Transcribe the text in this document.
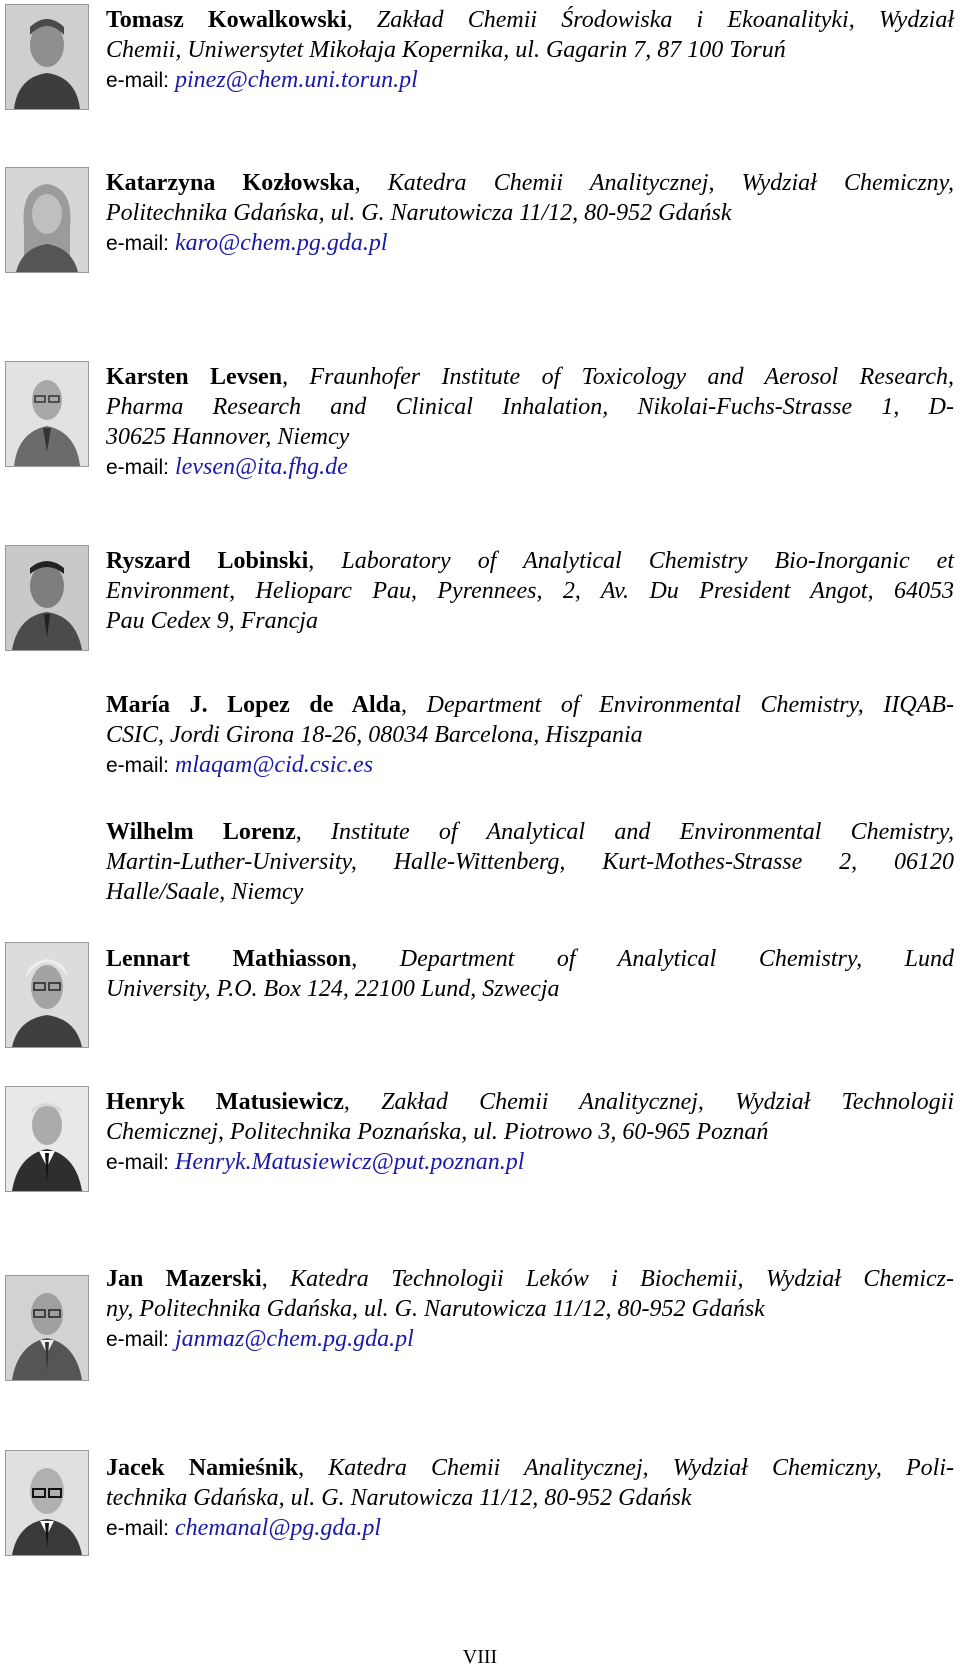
Tomasz Kowalkowski, Zakład Chemii Środowiska i Ekoanalityki, Wydział
Chemii, Uniwersytet Mikołaja Kopernika, ul. Gagarin 7, 87 100 Toruń
e-mail: pinez@chem.uni.torun.pl
Katarzyna Kozłowska, Katedra Chemii Analitycznej, Wydział Chemiczny,
Politechnika Gdańska, ul. G. Narutowicza 11/12, 80-952 Gdańsk
e-mail: karo@chem.pg.gda.pl
Karsten Levsen, Fraunhofer Institute of Toxicology and Aerosol Research,
Pharma Research and Clinical Inhalation, Nikolai-Fuchs-Strasse 1, D-
30625 Hannover, Niemcy
e-mail: levsen@ita.fhg.de
Ryszard Lobinski, Laboratory of Analytical Chemistry Bio-Inorganic et
Environment, Helioparc Pau, Pyrennees, 2, Av. Du President Angot, 64053
Pau Cedex 9, Francja
María J. Lopez de Alda, Department of Environmental Chemistry, IIQAB-
CSIC, Jordi Girona 18-26, 08034 Barcelona, Hiszpania
e-mail: mlaqam@cid.csic.es
Wilhelm Lorenz, Institute of Analytical and Environmental Chemistry,
Martin-Luther-University, Halle-Wittenberg, Kurt-Mothes-Strasse 2, 06120
Halle/Saale, Niemcy
Lennart Mathiasson, Department of Analytical Chemistry, Lund
University, P.O. Box 124, 22100 Lund, Szwecja
Henryk Matusiewicz, Zakład Chemii Analitycznej, Wydział Technologii
Chemicznej, Politechnika Poznańska, ul. Piotrowo 3, 60-965 Poznań
e-mail: Henryk.Matusiewicz@put.poznan.pl
Jan Mazerski, Katedra Technologii Leków i Biochemii, Wydział Chemicz-
ny, Politechnika Gdańska, ul. G. Narutowicza 11/12, 80-952 Gdańsk
e-mail: janmaz@chem.pg.gda.pl
Jacek Namieśnik, Katedra Chemii Analitycznej, Wydział Chemiczny, Poli-
technika Gdańska, ul. G. Narutowicza 11/12, 80-952 Gdańsk
e-mail: chemanal@pg.gda.pl
VIII
